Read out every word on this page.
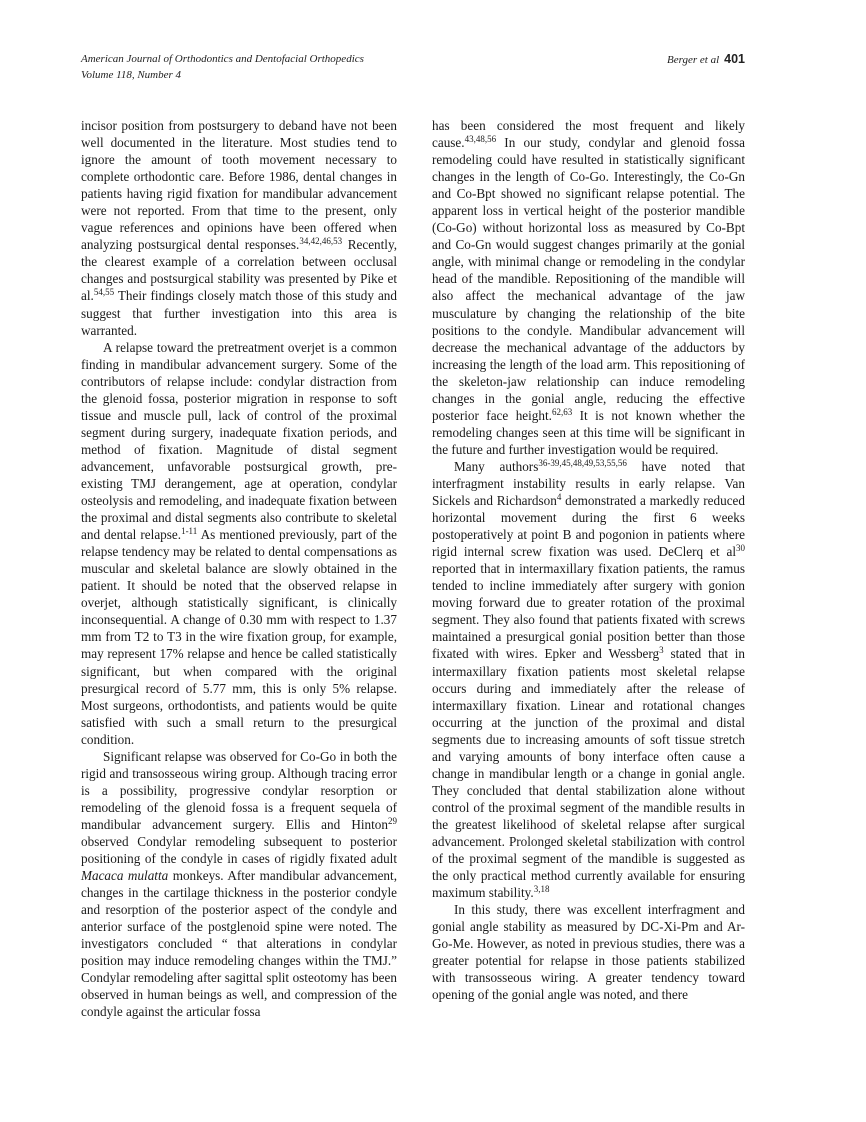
American Journal of Orthodontics and Dentofacial Orthopedics
Volume 118, Number 4
Berger et al 401

incisor position from postsurgery to deband have not been well documented in the literature. Most studies tend to ignore the amount of tooth movement necessary to complete orthodontic care. Before 1986, dental changes in patients having rigid fixation for mandibular advancement were not reported. From that time to the present, only vague references and opinions have been offered when analyzing postsurgical dental responses.$^{34,42,46,53}$ Recently, the clearest example of a correlation between occlusal changes and postsurgical stability was presented by Pike et al.$^{54,55}$ Their findings closely match those of this study and suggest that further investigation into this area is warranted.

A relapse toward the pretreatment overjet is a common finding in mandibular advancement surgery. Some of the contributors of relapse include: condylar distraction from the glenoid fossa, posterior migration in response to soft tissue and muscle pull, lack of control of the proximal segment during surgery, inadequate fixation periods, and method of fixation. Magnitude of distal segment advancement, unfavorable postsurgical growth, pre-existing TMJ derangement, age at operation, condylar osteolysis and remodeling, and inadequate fixation between the proximal and distal segments also contribute to skeletal and dental relapse.$^{1-11}$ As mentioned previously, part of the relapse tendency may be related to dental compensations as muscular and skeletal balance are slowly obtained in the patient. It should be noted that the observed relapse in overjet, although statistically significant, is clinically inconsequential. A change of 0.30 mm with respect to 1.37 mm from T2 to T3 in the wire fixation group, for example, may represent 17% relapse and hence be called statistically significant, but when compared with the original presurgical record of 5.77 mm, this is only 5% relapse. Most surgeons, orthodontists, and patients would be quite satisfied with such a small return to the presurgical condition.

Significant relapse was observed for Co-Go in both the rigid and transosseous wiring group. Although tracing error is a possibility, progressive condylar resorption or remodeling of the glenoid fossa is a frequent sequela of mandibular advancement surgery. Ellis and Hinton$^{29}$ observed Condylar remodeling subsequent to posterior positioning of the condyle in cases of rigidly fixated adult Macaca mulatta monkeys. After mandibular advancement, changes in the cartilage thickness in the posterior condyle and resorption of the posterior aspect of the condyle and anterior surface of the postglenoid spine were noted. The investigators concluded “ that alterations in condylar position may induce remodeling changes within the TMJ.” Condylar remodeling after sagittal split osteotomy has been observed in human beings as well, and compression of the condyle against the articular fossa

has been considered the most frequent and likely cause.$^{43,48,56}$ In our study, condylar and glenoid fossa remodeling could have resulted in statistically significant changes in the length of Co-Go. Interestingly, the Co-Gn and Co-Bpt showed no significant relapse potential. The apparent loss in vertical height of the posterior mandible (Co-Go) without horizontal loss as measured by Co-Bpt and Co-Gn would suggest changes primarily at the gonial angle, with minimal change or remodeling in the condylar head of the mandible. Repositioning of the mandible will also affect the mechanical advantage of the jaw musculature by changing the relationship of the bite positions to the condyle. Mandibular advancement will decrease the mechanical advantage of the adductors by increasing the length of the load arm. This repositioning of the skeleton-jaw relationship can induce remodeling changes in the gonial angle, reducing the effective posterior face height.$^{62,63}$ It is not known whether the remodeling changes seen at this time will be significant in the future and further investigation would be required.

Many authors$^{36-39,45,48,49,53,55,56}$ have noted that interfragment instability results in early relapse. Van Sickels and Richardson$^4$ demonstrated a markedly reduced horizontal movement during the first 6 weeks postoperatively at point B and pogonion in patients where rigid internal screw fixation was used. DeClerq et $al^{30}$ reported that in intermaxillary fixation patients, the ramus tended to incline immediately after surgery with gonion moving forward due to greater rotation of the proximal segment. They also found that patients fixated with screws maintained a presurgical gonial position better than those fixated with wires. Epker and Wessberg$^3$ stated that in intermaxillary fixation patients most skeletal relapse occurs during and immediately after the release of intermaxillary fixation. Linear and rotational changes occurring at the junction of the proximal and distal segments due to increasing amounts of soft tissue stretch and varying amounts of bony interface often cause a change in mandibular length or a change in gonial angle. They concluded that dental stabilization alone without control of the proximal segment of the mandible results in the greatest likelihood of skeletal relapse after surgical advancement. Prolonged skeletal stabilization with control of the proximal segment of the mandible is suggested as the only practical method currently available for ensuring maximum stability.$^{3,18}$

In this study, there was excellent interfragment and gonial angle stability as measured by DC-Xi-Pm and Ar-Go-Me. However, as noted in previous studies, there was a greater potential for relapse in those patients stabilized with transosseous wiring. A greater tendency toward opening of the gonial angle was noted, and there
